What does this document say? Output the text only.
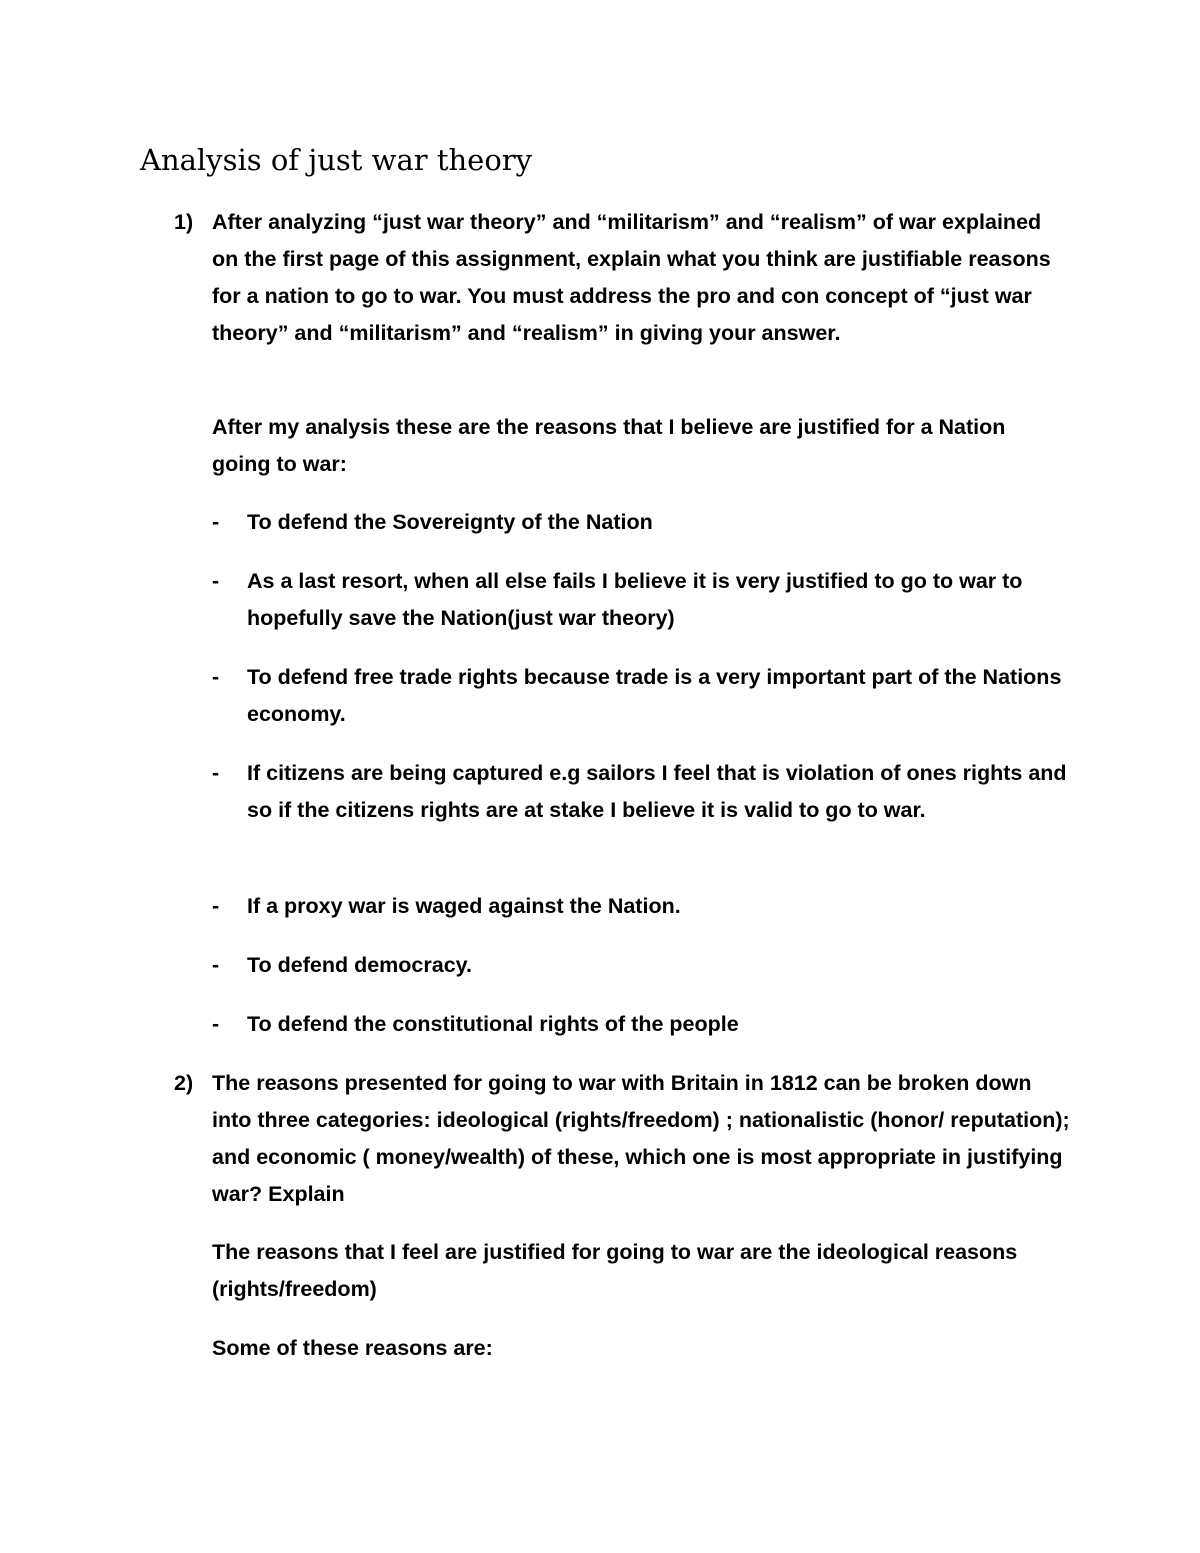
Analysis of just war theory
1) After analyzing “just war theory” and “militarism” and “realism” of war explained on the first page of this assignment, explain what you think are justifiable reasons for a nation to go to war. You must address the pro and con concept of “just war theory” and “militarism” and “realism” in giving your answer.

After my analysis these are the reasons that I believe are justified for a Nation going to war:

- To defend the Sovereignty of the Nation

- As a last resort, when all else fails I believe it is very justified to go to war to hopefully save the Nation(just war theory)

- To defend free trade rights because trade is a very important part of the Nations economy.

- If citizens are being captured e.g sailors I feel that is violation of ones rights and so if the citizens rights are at stake I believe it is valid to go to war.

- If a proxy war is waged against the Nation.

- To defend democracy.

- To defend the constitutional rights of the people

2) The reasons presented for going to war with Britain in 1812 can be broken down into three categories: ideological (rights/freedom) ; nationalistic (honor/ reputation); and economic ( money/wealth) of these, which one is most appropriate in justifying war? Explain

The reasons that I feel are justified for going to war are the ideological reasons (rights/freedom)

Some of these reasons are:
